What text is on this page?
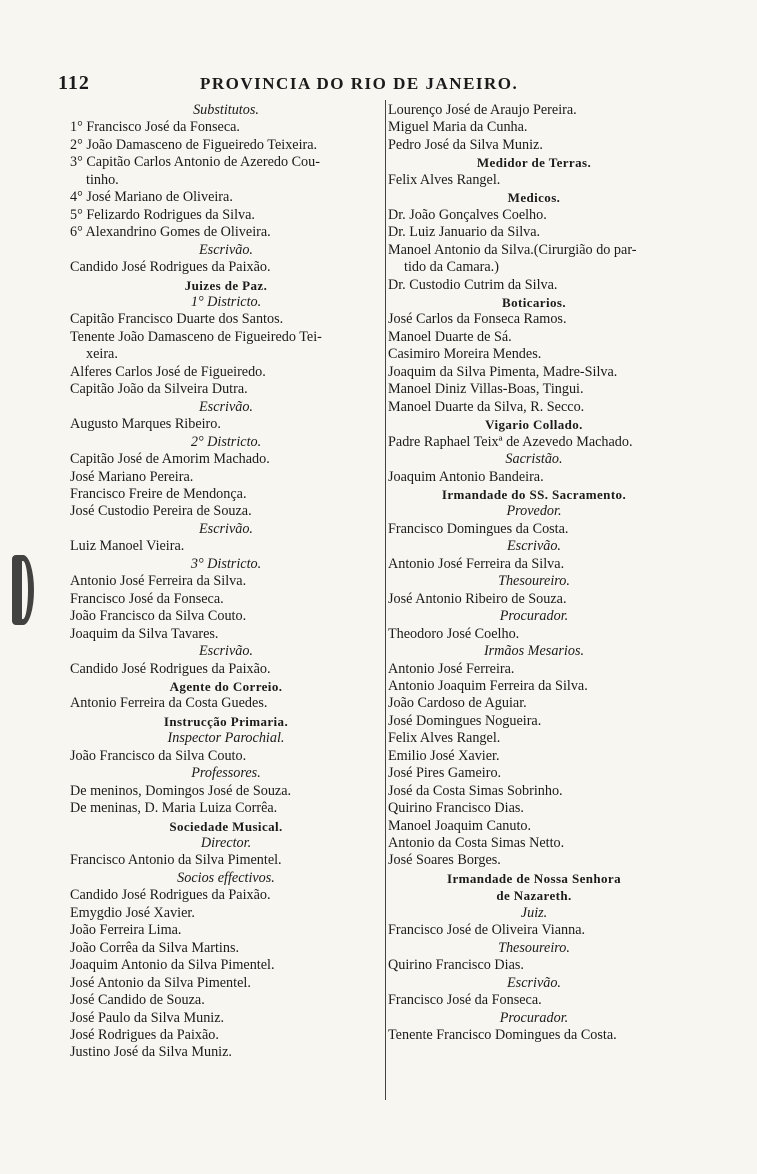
112	PROVINCIA DO RIO DE JANEIRO.
Substitutos.
1° Francisco José da Fonseca.
2° João Damasceno de Figueiredo Teixeira.
3° Capitão Carlos Antonio de Azeredo Cou-
tinho.
4° José Mariano de Oliveira.
5° Felizardo Rodrigues da Silva.
6° Alexandrino Gomes de Oliveira.
Escrivão.
Candido José Rodrigues da Paixão.
Juizes de Paz.
1° Districto.
Capitão Francisco Duarte dos Santos.
Tenente João Damasceno de Figueiredo Tei-
xeira.
Alferes Carlos José de Figueiredo.
Capitão João da Silveira Dutra.
Escrivão.
Augusto Marques Ribeiro.
2° Districto.
Capitão José de Amorim Machado.
José Mariano Pereira.
Francisco Freire de Mendonça.
José Custodio Pereira de Souza.
Escrivão.
Luiz Manoel Vieira.
3° Districto.
Antonio José Ferreira da Silva.
Francisco José da Fonseca.
João Francisco da Silva Couto.
Joaquim da Silva Tavares.
Escrivão.
Candido José Rodrigues da Paixão.
Agente do Correio.
Antonio Ferreira da Costa Guedes.
Instrucção Primaria.
Inspector Parochial.
João Francisco da Silva Couto.
Professores.
De meninos, Domingos José de Souza.
De meninas, D. Maria Luiza Corrêa.
Sociedade Musical.
Director.
Francisco Antonio da Silva Pimentel.
Socios effectivos.
Candido José Rodrigues da Paixão.
Emygdio José Xavier.
João Ferreira Lima.
João Corrêa da Silva Martins.
Joaquim Antonio da Silva Pimentel.
José Antonio da Silva Pimentel.
José Candido de Souza.
José Paulo da Silva Muniz.
José Rodrigues da Paixão.
Justino José da Silva Muniz.
Lourenço José de Araujo Pereira.
Miguel Maria da Cunha.
Pedro José da Silva Muniz.
Medidor de Terras.
Felix Alves Rangel.
Medicos.
Dr. João Gonçalves Coelho.
Dr. Luiz Januario da Silva.
Manoel Antonio da Silva.(Cirurgião do par-
tido da Camara.)
Dr. Custodio Cutrim da Silva.
Boticarios.
José Carlos da Fonseca Ramos.
Manoel Duarte de Sá.
Casimiro Moreira Mendes.
Joaquim da Silva Pimenta, Madre-Silva.
Manoel Diniz Villas-Boas, Tingui.
Manoel Duarte da Silva, R. Secco.
Vigario Collado.
Padre Raphael Teixª de Azevedo Machado.
Sacristão.
Joaquim Antonio Bandeira.
Irmandade do SS. Sacramento.
Provedor.
Francisco Domingues da Costa.
Escrivão.
Antonio José Ferreira da Silva.
Thesoureiro.
José Antonio Ribeiro de Souza.
Procurador.
Theodoro José Coelho.
Irmãos Mesarios.
Antonio José Ferreira.
Antonio Joaquim Ferreira da Silva.
João Cardoso de Aguiar.
José Domingues Nogueira.
Felix Alves Rangel.
Emilio José Xavier.
José Pires Gameiro.
José da Costa Simas Sobrinho.
Quirino Francisco Dias.
Manoel Joaquim Canuto.
Antonio da Costa Simas Netto.
José Soares Borges.
Irmandade de Nossa Senhora
de Nazareth.
Juiz.
Francisco José de Oliveira Vianna.
Thesoureiro.
Quirino Francisco Dias.
Escrivão.
Francisco José da Fonseca.
Procurador.
Tenente Francisco Domingues da Costa.
